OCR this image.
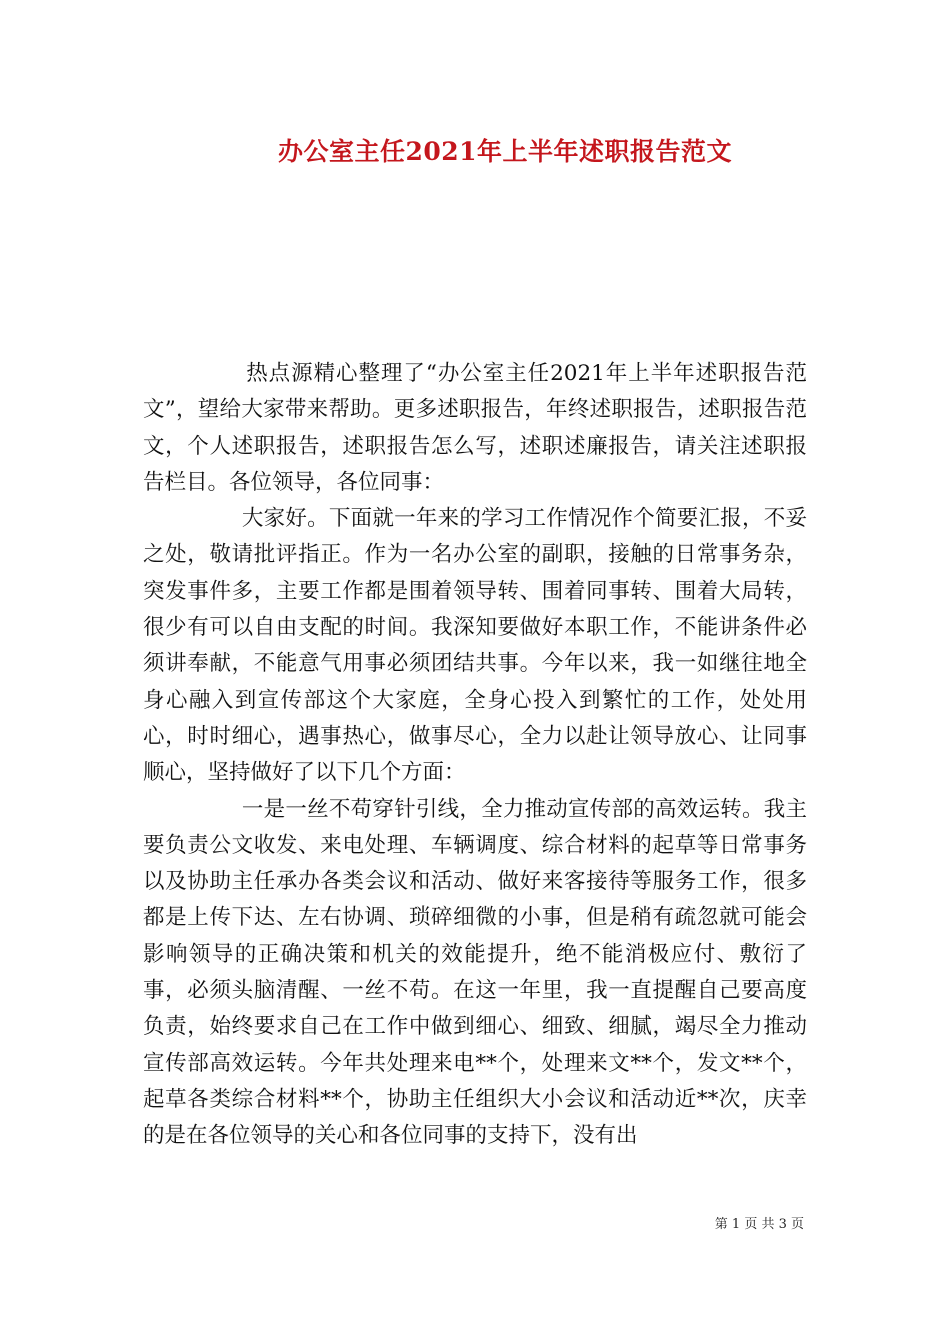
办公室主任2021年上半年述职报告范文

热点源精心整理了“办公室主任2021年上半年述职报告范文”，望给大家带来帮助。更多述职报告，年终述职报告，述职报告范文，个人述职报告，述职报告怎么写，述职述廉报告，请关注述职报告栏目。各位领导，各位同事：

大家好。下面就一年来的学习工作情况作个简要汇报，不妥之处，敬请批评指正。作为一名办公室的副职，接触的日常事务杂，突发事件多，主要工作都是围着领导转、围着同事转、围着大局转，很少有可以自由支配的时间。我深知要做好本职工作，不能讲条件必须讲奉献，不能意气用事必须团结共事。今年以来，我一如继往地全身心融入到宣传部这个大家庭，全身心投入到繁忙的工作，处处用心，时时细心，遇事热心，做事尽心，全力以赴让领导放心、让同事顺心，坚持做好了以下几个方面：

一是一丝不苟穿针引线，全力推动宣传部的高效运转。我主要负责公文收发、来电处理、车辆调度、综合材料的起草等日常事务以及协助主任承办各类会议和活动、做好来客接待等服务工作，很多都是上传下达、左右协调、琐碎细微的小事，但是稍有疏忽就可能会影响领导的正确决策和机关的效能提升，绝不能消极应付、敷衍了事，必须头脑清醒、一丝不苟。在这一年里，我一直提醒自己要高度负责，始终要求自己在工作中做到细心、细致、细腻，竭尽全力推动宣传部高效运转。今年共处理来电**个，处理来文**个，发文**个，起草各类综合材料**个，协助主任组织大小会议和活动近**次，庆幸的是在各位领导的关心和各位同事的支持下，没有出

第 1 页 共 3 页
